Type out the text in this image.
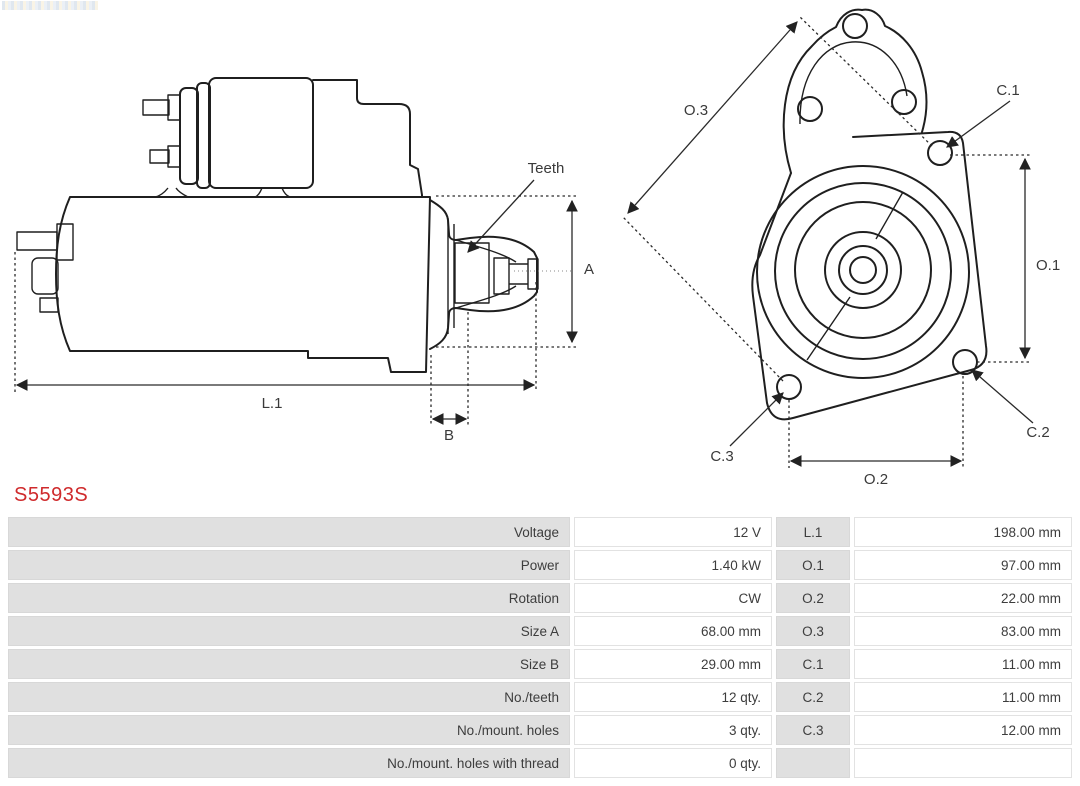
A
L.1
B
Teeth
O.3
O.1
O.2
C.1
C.2
C.3
S5593S
Voltage	12 V	L.1	198.00 mm
Power	1.40 kW	O.1	97.00 mm
Rotation	CW	O.2	22.00 mm
Size A	68.00 mm	O.3	83.00 mm
Size B	29.00 mm	C.1	11.00 mm
No./teeth	12 qty.	C.2	11.00 mm
No./mount. holes	3 qty.	C.3	12.00 mm
No./mount. holes with thread	0 qty.		
